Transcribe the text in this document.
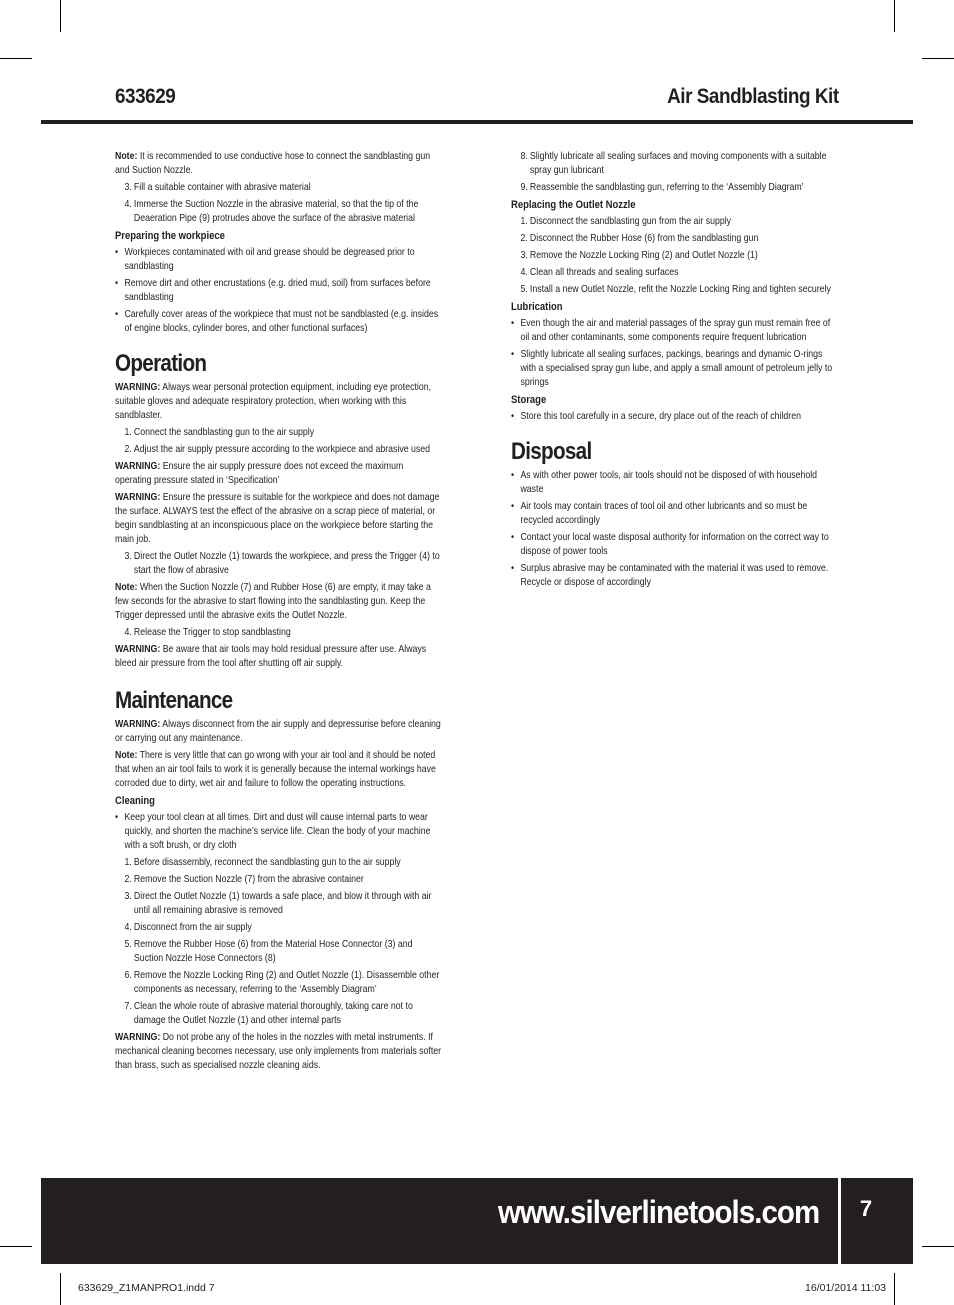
633629	Air Sandblasting Kit

Note: It is recommended to use conductive hose to connect the sandblasting gun and Suction Nozzle.

3. Fill a suitable container with abrasive material
4. Immerse the Suction Nozzle in the abrasive material, so that the tip of the Deaeration Pipe (9) protrudes above the surface of the abrasive material
Preparing the workpiece
• Workpieces contaminated with oil and grease should be degreased prior to sandblasting
• Remove dirt and other encrustations (e.g. dried mud, soil) from surfaces before sandblasting
• Carefully cover areas of the workpiece that must not be sandblasted (e.g. insides of engine blocks, cylinder bores, and other functional surfaces)
Operation

WARNING: Always wear personal protection equipment, including eye protection, suitable gloves and adequate respiratory protection, when working with this sandblaster.

1. Connect the sandblasting gun to the air supply
2. Adjust the air supply pressure according to the workpiece and abrasive used

WARNING: Ensure the air supply pressure does not exceed the maximum operating pressure stated in ‘Specification’

WARNING: Ensure the pressure is suitable for the workpiece and does not damage the surface. ALWAYS test the effect of the abrasive on a scrap piece of material, or begin sandblasting at an inconspicuous place on the workpiece before starting the main job.

3. Direct the Outlet Nozzle (1) towards the workpiece, and press the Trigger (4) to start the flow of abrasive

Note: When the Suction Nozzle (7) and Rubber Hose (6) are empty, it may take a few seconds for the abrasive to start flowing into the sandblasting gun. Keep the Trigger depressed until the abrasive exits the Outlet Nozzle.

4. Release the Trigger to stop sandblasting

WARNING: Be aware that air tools may hold residual pressure after use. Always bleed air pressure from the tool after shutting off air supply.

Maintenance

WARNING: Always disconnect from the air supply and depressurise before cleaning or carrying out any maintenance.

Note: There is very little that can go wrong with your air tool and it should be noted that when an air tool fails to work it is generally because the internal workings have corroded due to dirty, wet air and failure to follow the operating instructions.

Cleaning
• Keep your tool clean at all times. Dirt and dust will cause internal parts to wear quickly, and shorten the machine’s service life. Clean the body of your machine with a soft brush, or dry cloth
1. Before disassembly, reconnect the sandblasting gun to the air supply
2. Remove the Suction Nozzle (7) from the abrasive container
3. Direct the Outlet Nozzle (1) towards a safe place, and blow it through with air until all remaining abrasive is removed
4. Disconnect from the air supply
5. Remove the Rubber Hose (6) from the Material Hose Connector (3) and Suction Nozzle Hose Connectors (8)
6. Remove the Nozzle Locking Ring (2) and Outlet Nozzle (1). Disassemble other components as necessary, referring to the ‘Assembly Diagram’
7. Clean the whole route of abrasive material thoroughly, taking care not to damage the Outlet Nozzle (1) and other internal parts

WARNING: Do not probe any of the holes in the nozzles with metal instruments. If mechanical cleaning becomes necessary, use only implements from materials softer than brass, such as specialised nozzle cleaning aids.

8. Slightly lubricate all sealing surfaces and moving components with a suitable spray gun lubricant
9. Reassemble the sandblasting gun, referring to the ‘Assembly Diagram’
Replacing the Outlet Nozzle
1. Disconnect the sandblasting gun from the air supply
2. Disconnect the Rubber Hose (6) from the sandblasting gun
3. Remove the Nozzle Locking Ring (2) and Outlet Nozzle (1)
4. Clean all threads and sealing surfaces
5. Install a new Outlet Nozzle, refit the Nozzle Locking Ring and tighten securely
Lubrication
• Even though the air and material passages of the spray gun must remain free of oil and other contaminants, some components require frequent lubrication
• Slightly lubricate all sealing surfaces, packings, bearings and dynamic O-rings with a specialised spray gun lube, and apply a small amount of petroleum jelly to springs
Storage
• Store this tool carefully in a secure, dry place out of the reach of children
Disposal
• As with other power tools, air tools should not be disposed of with household waste
• Air tools may contain traces of tool oil and other lubricants and so must be recycled accordingly
• Contact your local waste disposal authority for information on the correct way to dispose of power tools
• Surplus abrasive may be contaminated with the material it was used to remove. Recycle or dispose of accordingly
www.silverlinetools.com	7
633629_Z1MANPRO1.indd 7	16/01/2014 11:03
